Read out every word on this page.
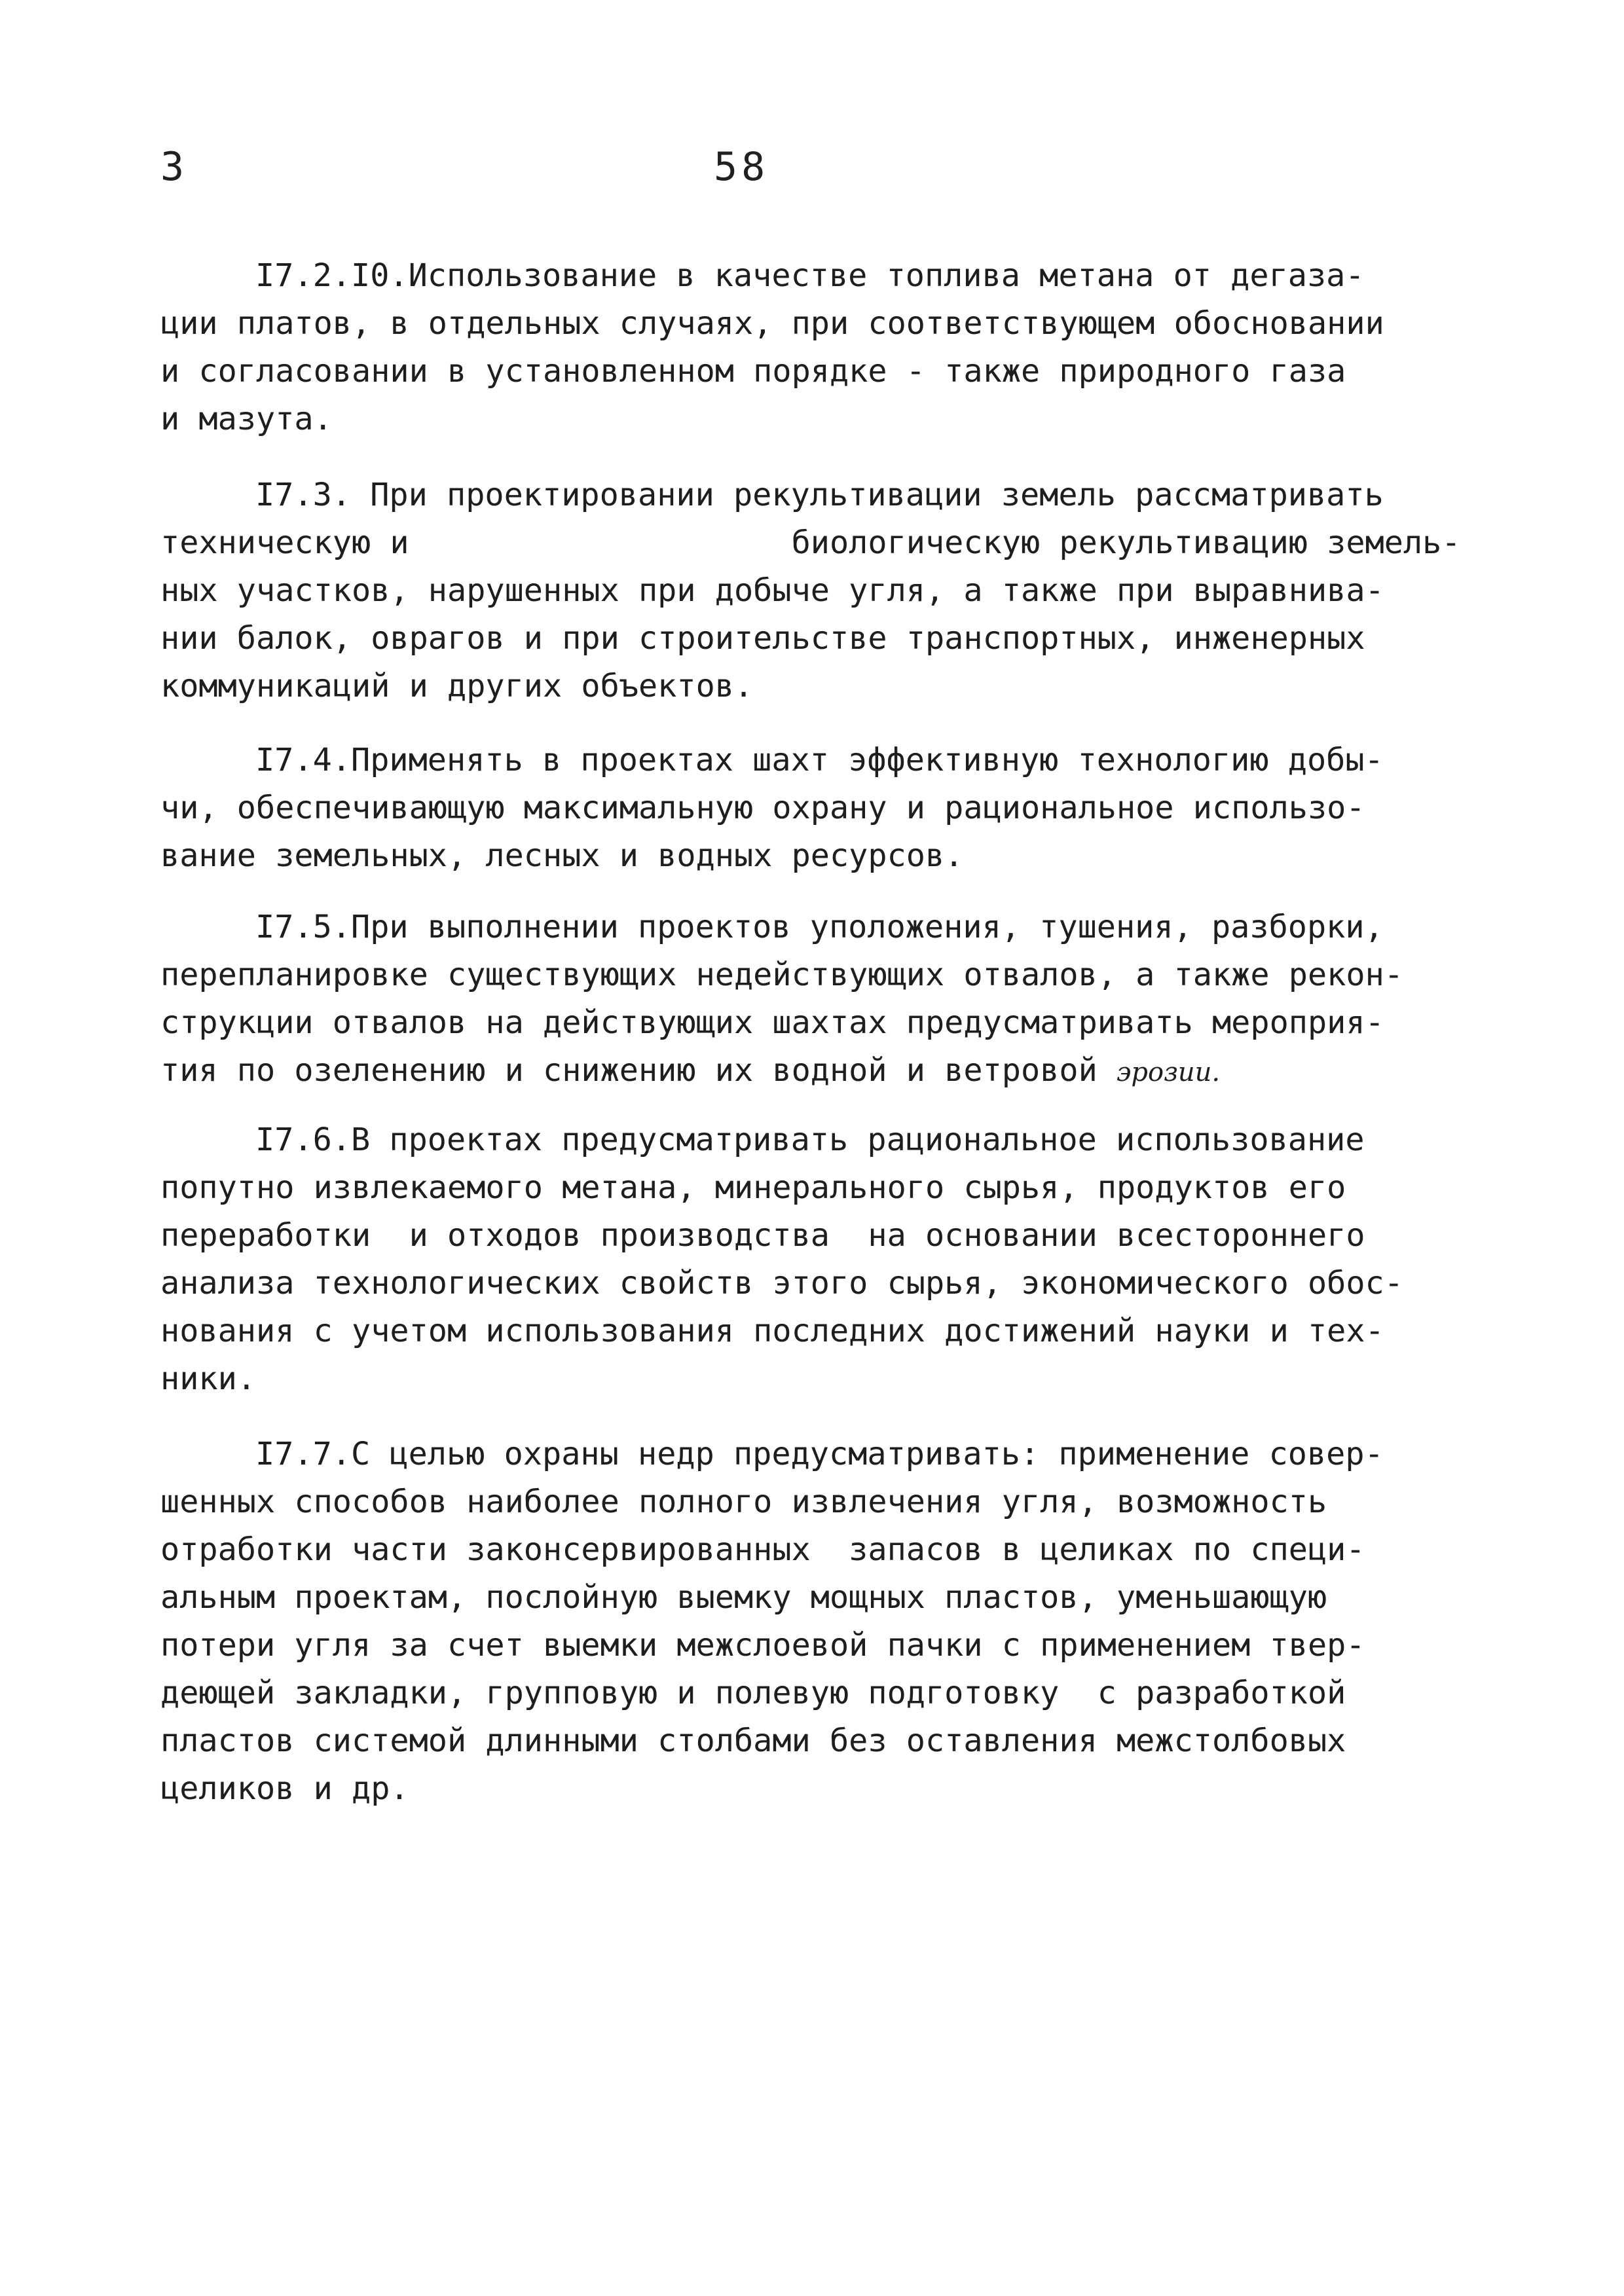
3	58
I7.2.I0.Использование в качестве топлива метана от дегаза-
ции платов, в отдельных случаях, при соответствующем обосновании
и согласовании в установленном порядке - также природного газа
и мазута.
I7.3. При проектировании рекультивации земель рассматривать
техническую и                    биологическую рекультивацию земель-
ных участков, нарушенных при добыче угля, а также при выравнива-
нии балок, оврагов и при строительстве транспортных, инженерных
коммуникаций и других объектов.
I7.4.Применять в проектах шахт эффективную технологию добы-
чи, обеспечивающую максимальную охрану и рациональное использо-
вание земельных, лесных и водных ресурсов.
I7.5.При выполнении проектов уположения, тушения, разборки,
перепланировке существующих недействующих отвалов, а также рекон-
струкции отвалов на действующих шахтах предусматривать мероприя-
тия по озеленению и снижению их водной и ветровой эрозии.
I7.6.В проектах предусматривать рациональное использование
попутно извлекаемого метана, минерального сырья, продуктов его
переработки  и отходов производства  на основании всестороннего
анализа технологических свойств этого сырья, экономического обос-
нования с учетом использования последних достижений науки и тех-
ники.
I7.7.С целью охраны недр предусматривать: применение совер-
шенных способов наиболее полного извлечения угля, возможность
отработки части законсервированных  запасов в целиках по специ-
альным проектам, послойную выемку мощных пластов, уменьшающую
потери угля за счет выемки межслоевой пачки с применением твер-
деющей закладки, групповую и полевую подготовку  с разработкой
пластов системой длинными столбами без оставления межстолбовых
целиков и др.
